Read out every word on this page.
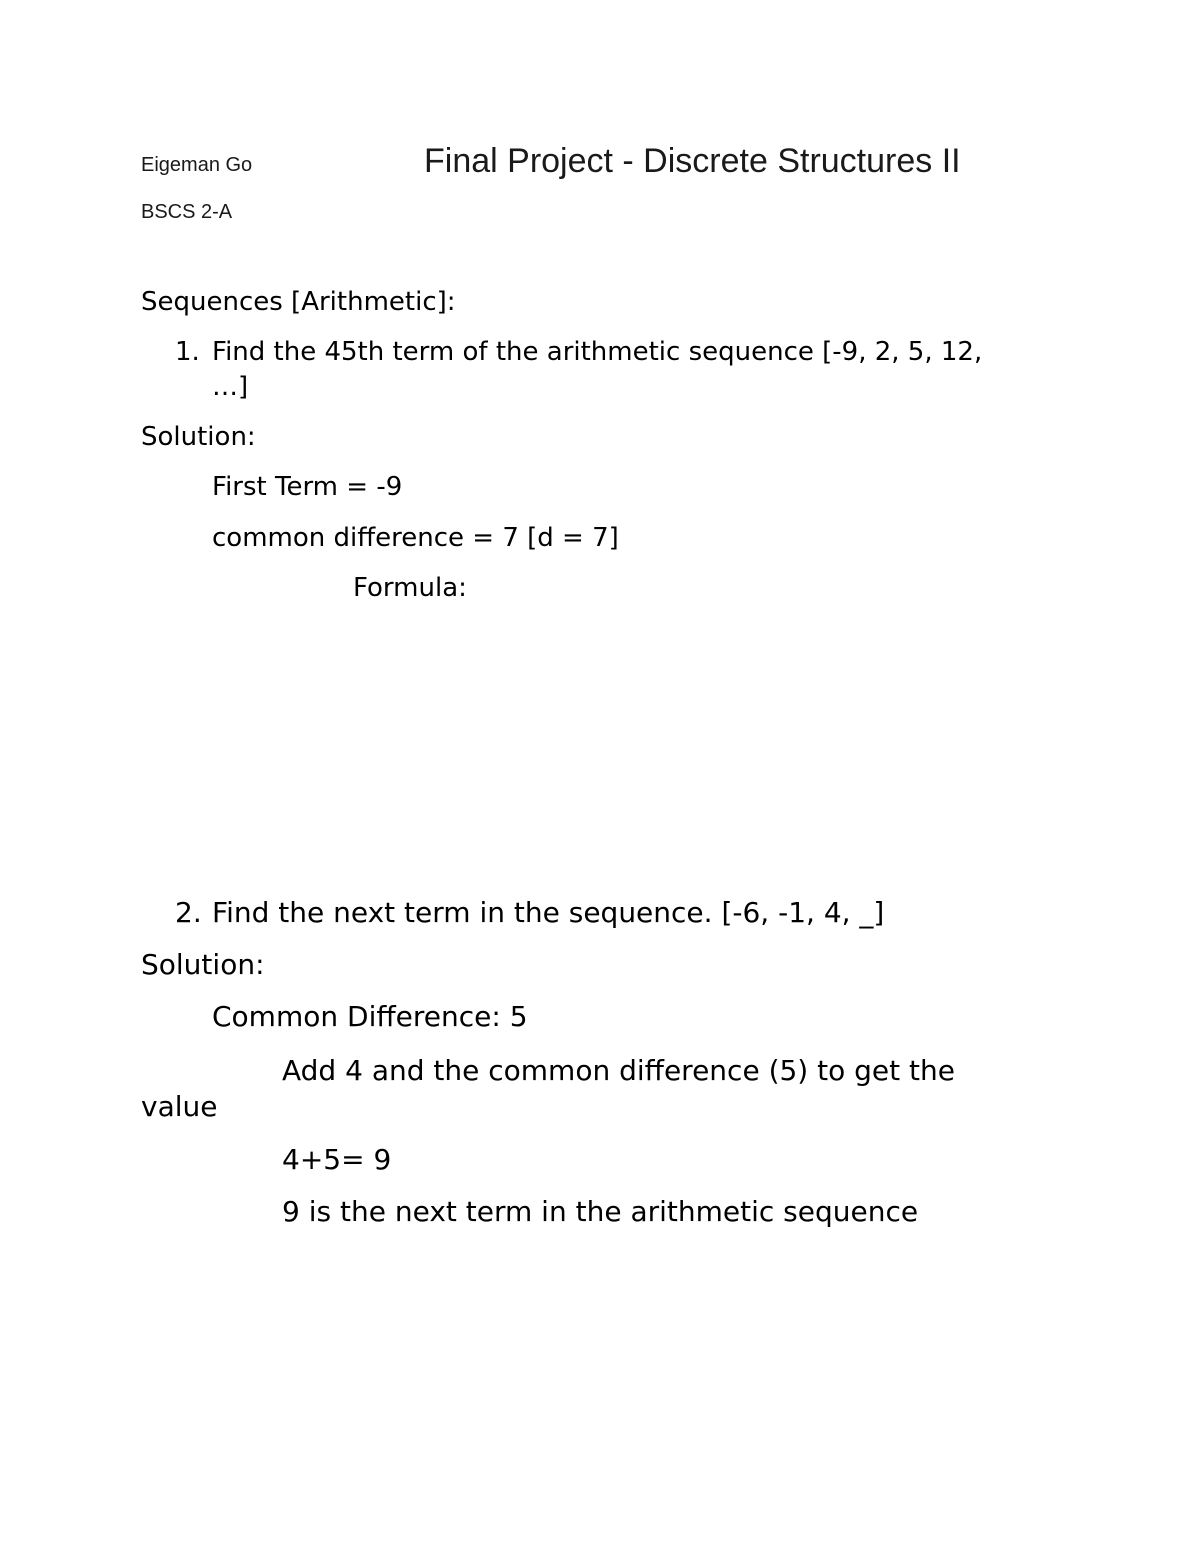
Eigeman Go	Final Project - Discrete Structures II
BSCS 2-A
Sequences [Arithmetic]:
1. Find the 45th term of the arithmetic sequence [-9, 2, 5, 12,
…]
Solution:
First Term = -9
common difference = 7 [d = 7]
Formula:
2. Find the next term in the sequence. [-6, -1, 4, _]
Solution:
Common Difference: 5
Add 4 and the common difference (5) to get the
value
4+5= 9
9 is the next term in the arithmetic sequence
